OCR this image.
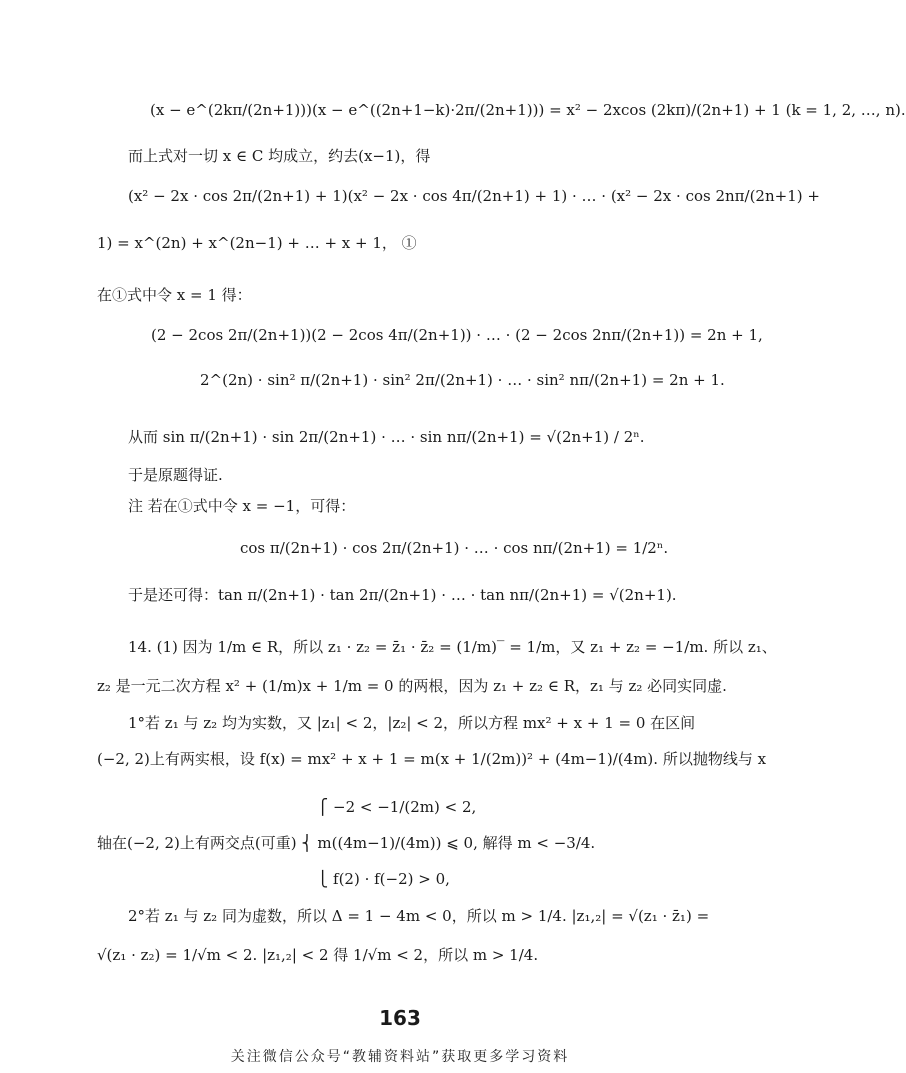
(x − e^(2kπ/(2n+1)))(x − e^((2n+1−k)·2π/(2n+1))) = x² − 2xcos (2kπ)/(2n+1) + 1 (k = 1, 2, …, n).
而上式对一切 x ∈ C 均成立，约去(x−1)，得
(x² − 2x · cos 2π/(2n+1) + 1)(x² − 2x · cos 4π/(2n+1) + 1) · … · (x² − 2x · cos 2nπ/(2n+1) +
1) = x^(2n) + x^(2n−1) + … + x + 1， ①
在①式中令 x = 1 得：
(2 − 2cos 2π/(2n+1))(2 − 2cos 4π/(2n+1)) · … · (2 − 2cos 2nπ/(2n+1)) = 2n + 1,
2^(2n) · sin² π/(2n+1) · sin² 2π/(2n+1) · … · sin² nπ/(2n+1) = 2n + 1.
从而 sin π/(2n+1) · sin 2π/(2n+1) · … · sin nπ/(2n+1) = √(2n+1) / 2ⁿ.
于是原题得证.
注 若在①式中令 x = −1，可得：
cos π/(2n+1) · cos 2π/(2n+1) · … · cos nπ/(2n+1) = 1/2ⁿ.
于是还可得：tan π/(2n+1) · tan 2π/(2n+1) · … · tan nπ/(2n+1) = √(2n+1).
14. (1) 因为 1/m ∈ R，所以 z₁ · z₂ = z̄₁ · z̄₂ = (1/m)‾ = 1/m，又 z₁ + z₂ = −1/m. 所以 z₁、
z₂ 是一元二次方程 x² + (1/m)x + 1/m = 0 的两根，因为 z₁ + z₂ ∈ R，z₁ 与 z₂ 必同实同虚.
1°若 z₁ 与 z₂ 均为实数，又 |z₁| < 2，|z₂| < 2，所以方程 mx² + x + 1 = 0 在区间
(−2, 2)上有两实根，设 f(x) = mx² + x + 1 = m(x + 1/(2m))² + (4m−1)/(4m). 所以抛物线与 x
⎧ −2 < −1/(2m) < 2,
轴在(−2, 2)上有两交点(可重) ⎨ m((4m−1)/(4m)) ⩽ 0, 解得 m < −3/4.
⎩ f(2) · f(−2) > 0,
2°若 z₁ 与 z₂ 同为虚数，所以 Δ = 1 − 4m < 0，所以 m > 1/4. |z₁,₂| = √(z₁ · z̄₁) =
√(z₁ · z₂) = 1/√m < 2. |z₁,₂| < 2 得 1/√m < 2，所以 m > 1/4.
163
关注微信公众号“教辅资料站”获取更多学习资料
